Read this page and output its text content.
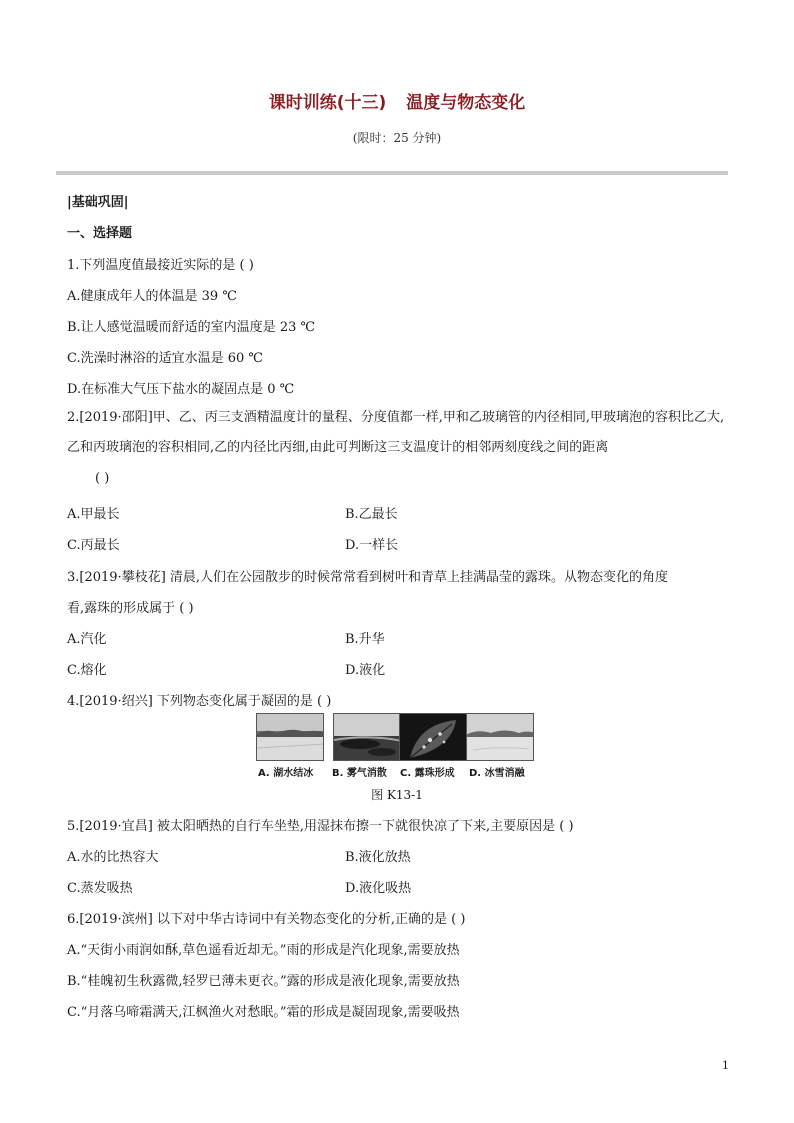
课时训练(十三) 温度与物态变化
(限时：25 分钟)
|基础巩固|
一、选择题
1.下列温度值最接近实际的是 ( )
A.健康成年人的体温是 39 ℃
B.让人感觉温暖而舒适的室内温度是 23 ℃
C.洗澡时淋浴的适宜水温是 60 ℃
D.在标准大气压下盐水的凝固点是 0 ℃
2.[2019·邵阳]甲、乙、丙三支酒精温度计的量程、分度值都一样,甲和乙玻璃管的内径相同,甲玻璃泡的容积比乙大,乙和丙玻璃泡的容积相同,乙的内径比丙细,由此可判断这三支温度计的相邻两刻度线之间的距离
( )
A.甲最长	B.乙最长
C.丙最长	D.一样长
3.[2019·攀枝花] 清晨,人们在公园散步的时候常常看到树叶和青草上挂满晶莹的露珠。从物态变化的角度
看,露珠的形成属于 ( )
A.汽化	B.升华
C.熔化	D.液化
4.[2019·绍兴] 下列物态变化属于凝固的是 ( )
A. 湖水结冰 B. 雾气消散 C. 露珠形成 D. 冰雪消融
图 K13-1
5.[2019·宜昌] 被太阳晒热的自行车坐垫,用湿抹布擦一下就很快凉了下来,主要原因是 ( )
A.水的比热容大	B.液化放热
C.蒸发吸热	D.液化吸热
6.[2019·滨州] 以下对中华古诗词中有关物态变化的分析,正确的是 ( )
A.“天街小雨润如酥,草色遥看近却无。”雨的形成是汽化现象,需要放热
B.“桂魄初生秋露微,轻罗已薄未更衣。”露的形成是液化现象,需要放热
C.“月落乌啼霜满天,江枫渔火对愁眠。”霜的形成是凝固现象,需要吸热
1
